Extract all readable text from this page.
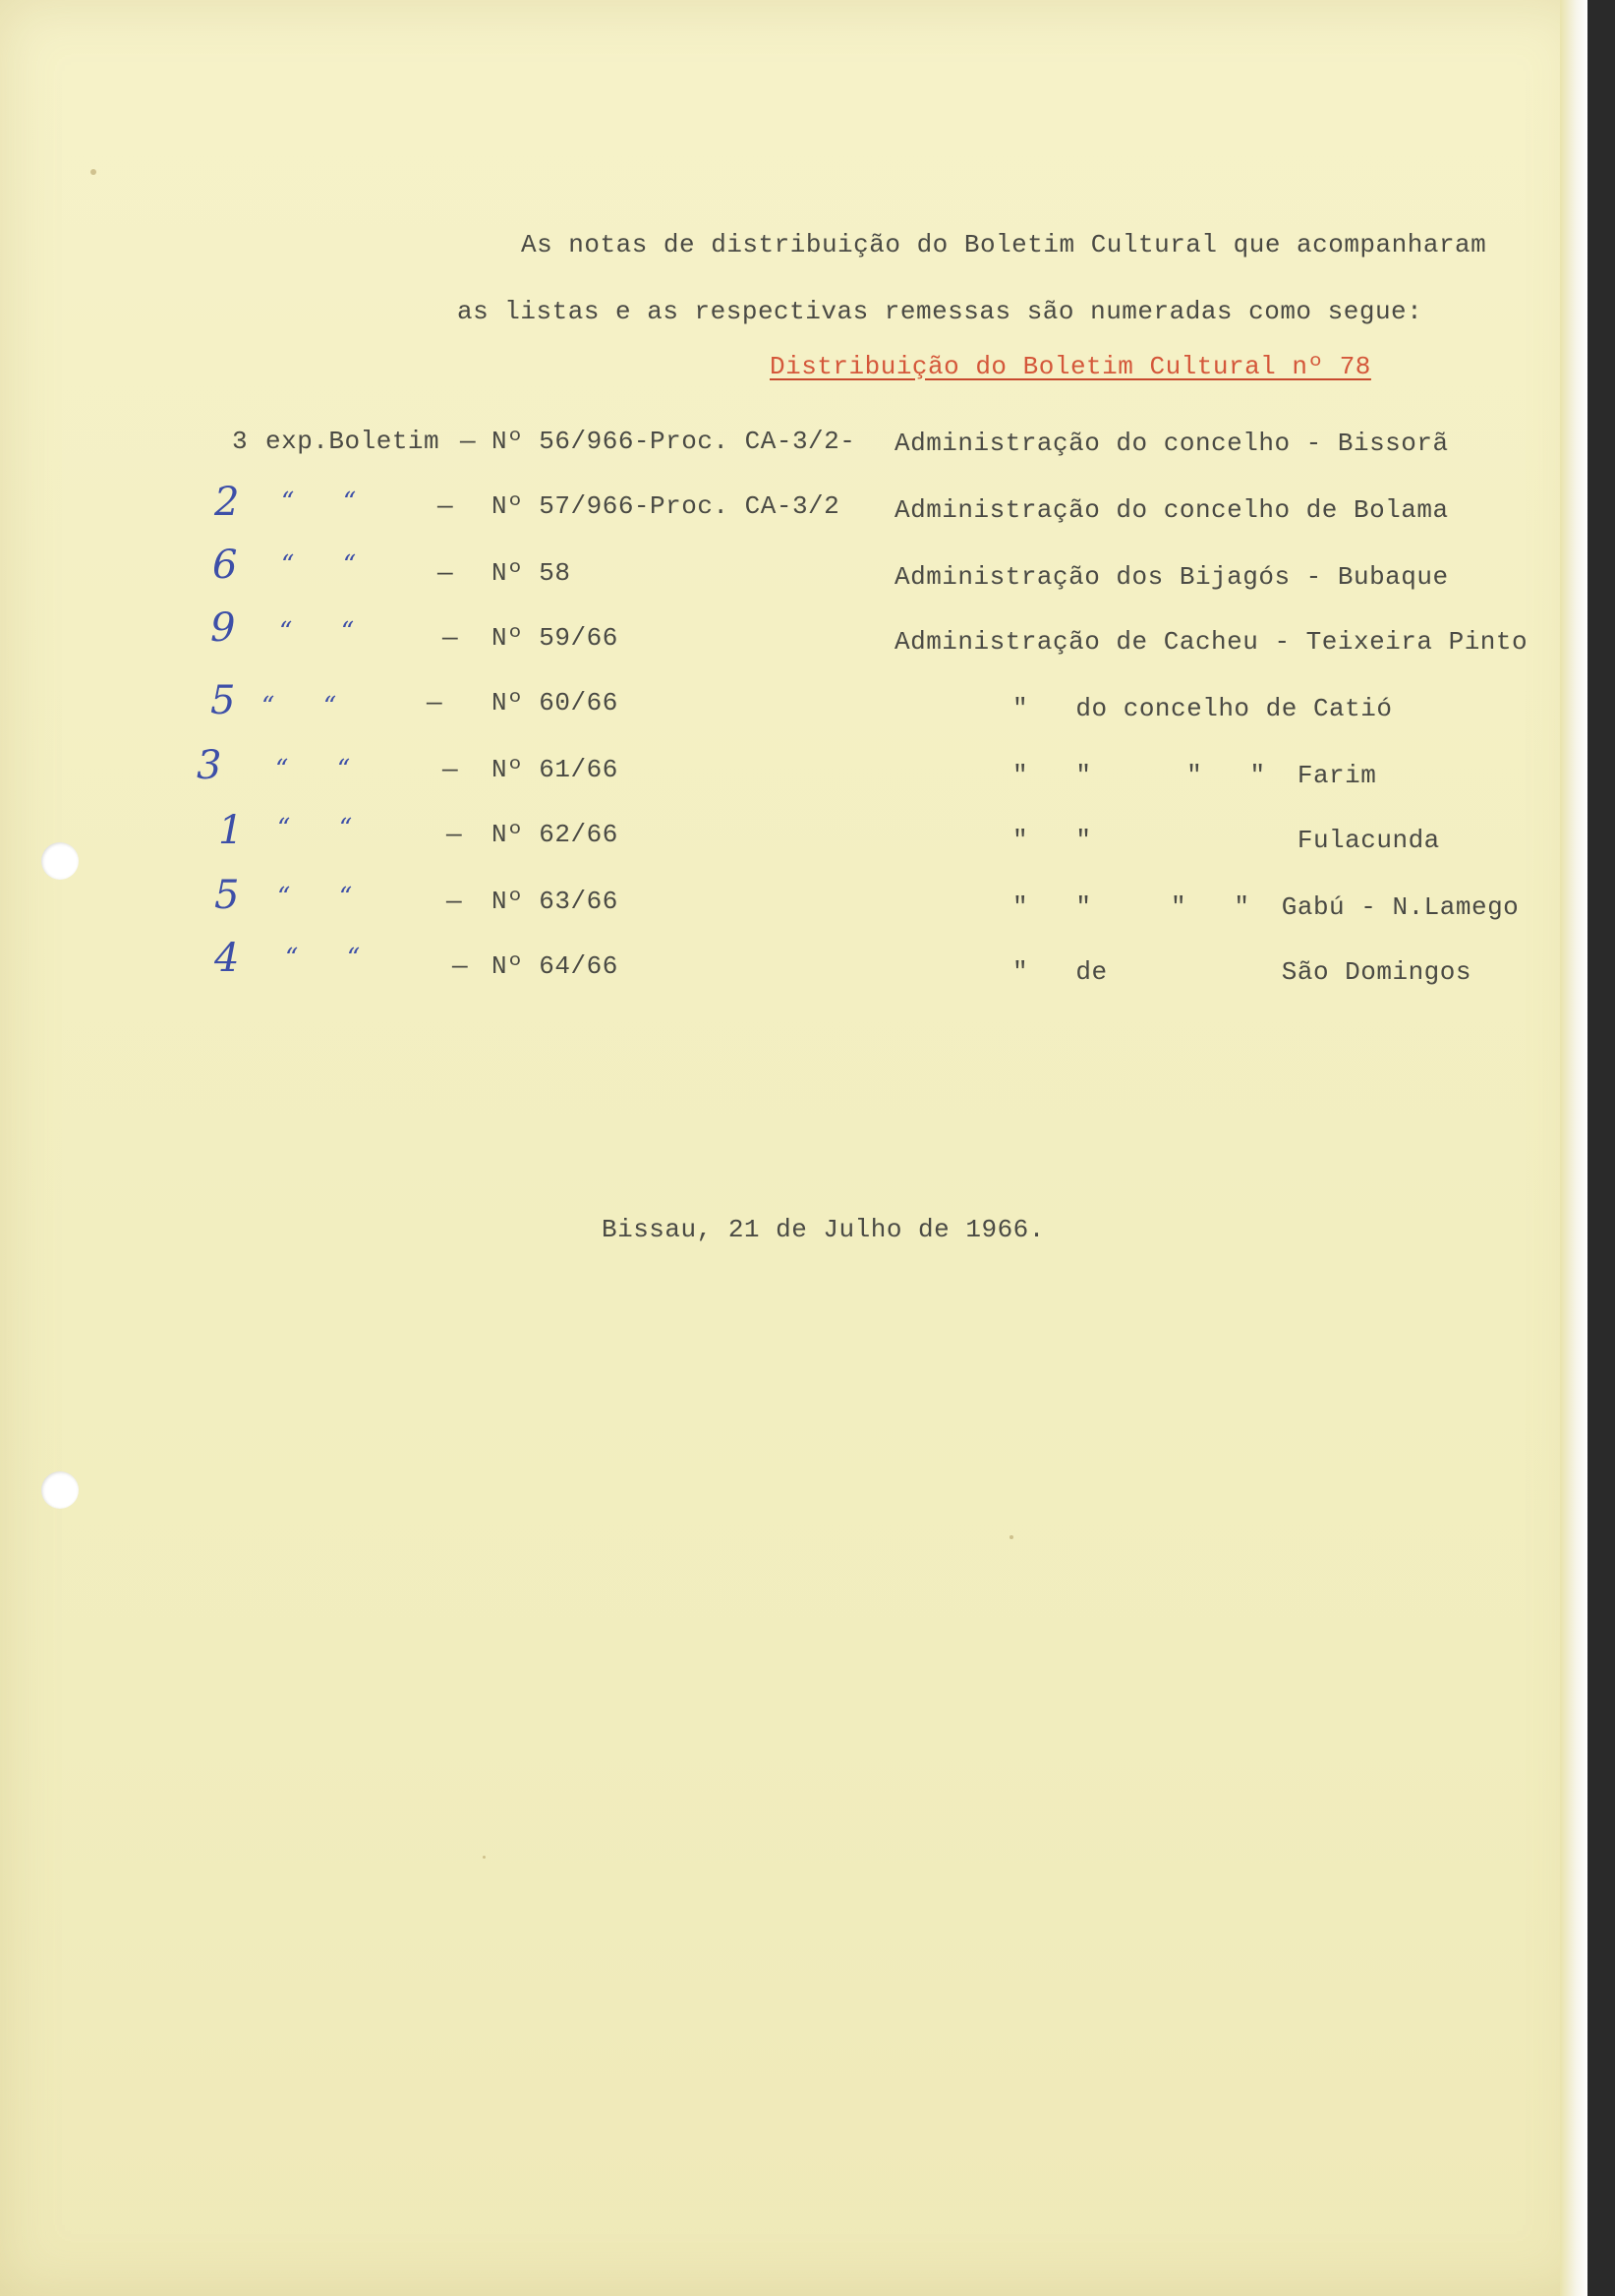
As notas de distribuição do Boletim Cultural que acompanharam
as listas e as respectivas remessas são numeradas como segue:
Distribuição do Boletim Cultural nº 78
3 exp.Boletim — Nº 56/966-Proc. CA-3/2- Administração do concelho - Bissorã
2 “      “	— Nº 57/966-Proc. CA-3/2 Administração do concelho de Bolama
6 “      “	— Nº 58	Administração dos Bijagós - Bubaque
9 “      “	— Nº 59/66	Administração de Cacheu - Teixeira Pinto
5 “      “	— Nº 60/66	"   do concelho de Catió
3 “      “	— Nº 61/66	"   "      "   "  Farim
1 “      “	— Nº 62/66	"   "             Fulacunda
5 “      “	— Nº 63/66	"   "     "   "  Gabú - N.Lamego
4 “      “	— Nº 64/66	"   de           São Domingos
Bissau, 21 de Julho de 1966.
